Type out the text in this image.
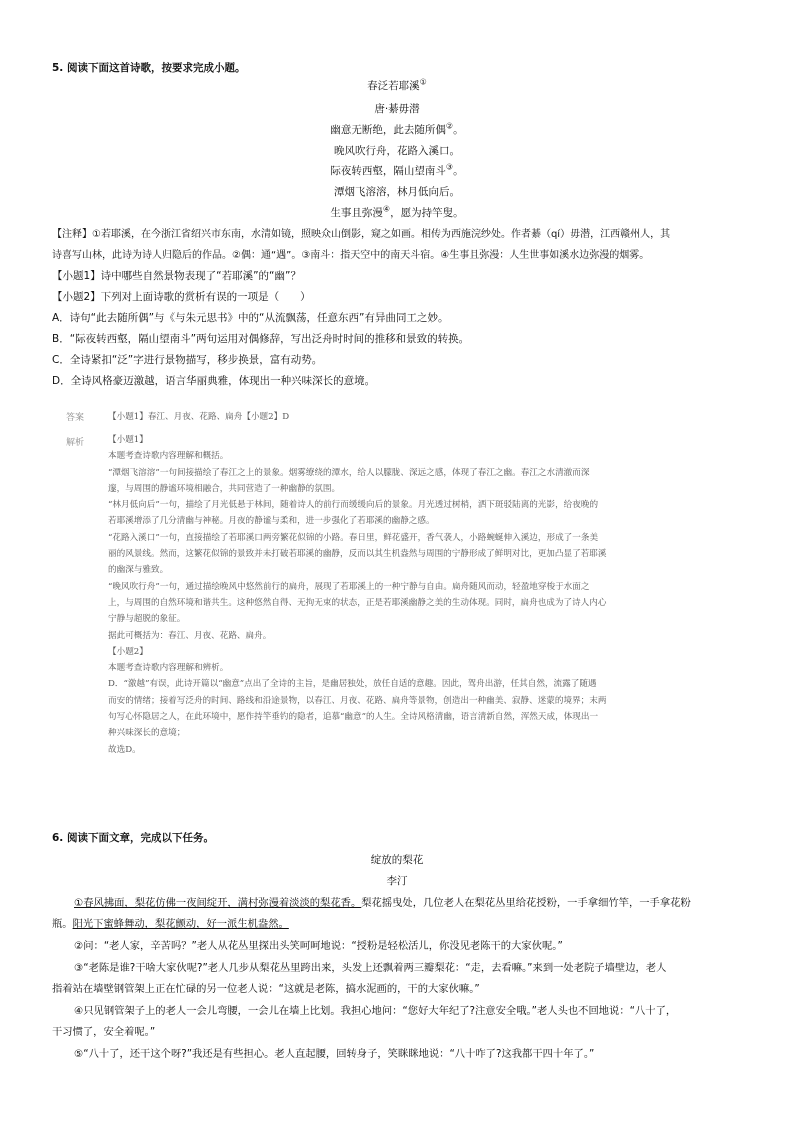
5. 阅读下面这首诗歌，按要求完成小题。
春泛若耶溪①
唐·綦毋潜
幽意无断绝，此去随所偶②。
晚风吹行舟，花路入溪口。
际夜转西壑，隔山望南斗③。
潭烟飞溶溶，林月低向后。
生事且弥漫④，愿为持竿叟。
【注释】①若耶溪，在今浙江省绍兴市东南，水清如镜，照映众山倒影，窥之如画。相传为西施浣纱处。作者綦（qí）毋潜，江西赣州人，其
诗喜写山林，此诗为诗人归隐后的作品。②偶：通“遇”。③南斗：指天空中的南天斗宿。④生事且弥漫：人生世事如溪水边弥漫的烟雾。
【小题1】诗中哪些自然景物表现了“若耶溪”的“幽”？
【小题2】下列对上面诗歌的赏析有误的一项是（　　）
A．诗句“此去随所偶”与《与朱元思书》中的“从流飘荡，任意东西”有异曲同工之妙。
B．“际夜转西壑，隔山望南斗”两句运用对偶修辞，写出泛舟时时间的推移和景致的转换。
C．全诗紧扣“泛”字进行景物描写，移步换景，富有动势。
D．全诗风格豪迈激越，语言华丽典雅，体现出一种兴味深长的意境。
答案	【小题1】春江、月夜、花路、扁舟【小题2】D
解析	【小题1】
本题考查诗歌内容理解和概括。
“潭烟飞溶溶”一句间接描绘了春江之上的景象。烟雾缭绕的潭水，给人以朦胧、深远之感，体现了春江之幽。春江之水清澈而深
邃，与周围的静谧环境相融合，共同营造了一种幽静的氛围。
“林月低向后”一句，描绘了月光低悬于林间，随着诗人的前行而缓缓向后的景象。月光透过树梢，洒下斑驳陆离的光影，给夜晚的
若耶溪增添了几分清幽与神秘。月夜的静谧与柔和，进一步强化了若耶溪的幽静之感。
“花路入溪口”一句，直接描绘了若耶溪口两旁繁花似锦的小路。春日里，鲜花盛开，香气袭人，小路蜿蜒伸入溪边，形成了一条美
丽的风景线。然而，这繁花似锦的景致并未打破若耶溪的幽静，反而以其生机盎然与周围的宁静形成了鲜明对比，更加凸显了若耶溪
的幽深与雅致。
“晚风吹行舟”一句，通过描绘晚风中悠然前行的扁舟，展现了若耶溪上的一种宁静与自由。扁舟随风而动，轻盈地穿梭于水面之
上，与周围的自然环境和谐共生。这种悠然自得、无拘无束的状态，正是若耶溪幽静之美的生动体现。同时，扁舟也成为了诗人内心
宁静与超脱的象征。
据此可概括为：春江、月夜、花路、扁舟。
【小题2】
本题考查诗歌内容理解和辨析。
D．“激越”有误，此诗开篇以“幽意”点出了全诗的主旨，是幽居独处，放任自适的意趣。因此，驾舟出游，任其自然，流露了随遇
而安的情绪；接着写泛舟的时间、路线和沿途景物，以春江、月夜、花路、扁舟等景物，创造出一种幽美、寂静、迷蒙的境界；末两
句写心怀隐居之人，在此环境中，愿作持竿垂钓的隐者，追慕“幽意”的人生。全诗风格清幽，语言清新自然，浑然天成，体现出一
种兴味深长的意境；
故选D。
6. 阅读下面文章，完成以下任务。
绽放的梨花
李汀
①春风拂面，梨花仿佛一夜间绽开，满村弥漫着淡淡的梨花香。梨花摇曳处，几位老人在梨花丛里给花授粉，一手拿细竹竿，一手拿花粉
瓶。阳光下蜜蜂舞动，梨花颤动，好一派生机盎然。
②问：“老人家，辛苦吗？”老人从花丛里探出头笑呵呵地说：“授粉是轻松活儿，你没见老陈干的大家伙呢。”
③“老陈是谁?干啥大家伙呢?”老人几步从梨花丛里跨出来，头发上还飘着两三瓣梨花：“走，去看嘛。”来到一处老院子墙壁边，老人
指着站在墙壁钢管架上正在忙碌的另一位老人说：“这就是老陈，搞水泥画的，干的大家伙嘛。”
④只见钢管架子上的老人一会儿弯腰，一会儿在墙上比划。我担心地问：“您好大年纪了?注意安全哦。”老人头也不回地说：“八十了，
干习惯了，安全着呢。”
⑤“八十了，还干这个呀?”我还是有些担心。老人直起腰，回转身子，笑眯眯地说：“八十咋了?这我都干四十年了。”
